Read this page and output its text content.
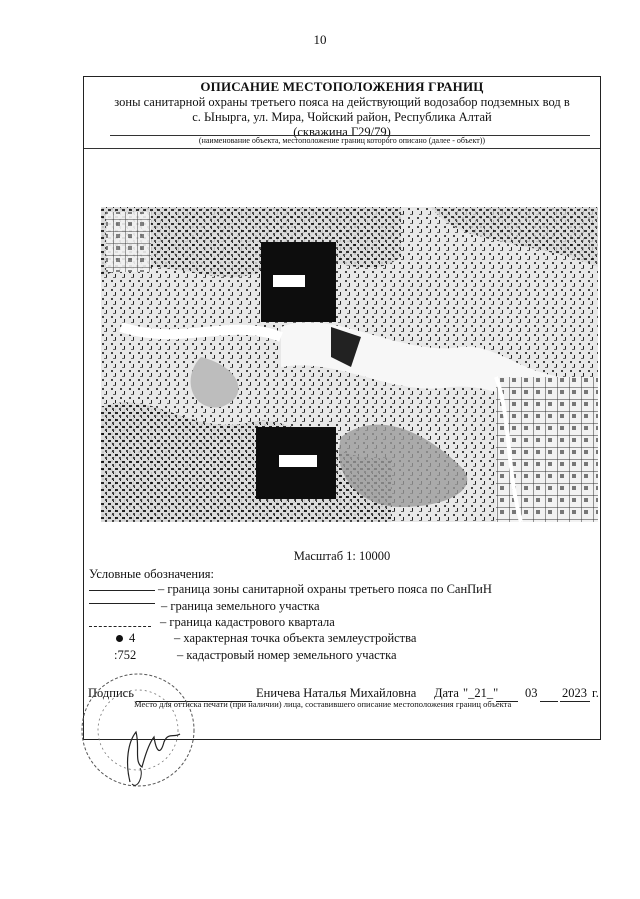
10
ОПИСАНИЕ МЕСТОПОЛОЖЕНИЯ ГРАНИЦ
зоны санитарной охраны третьего пояса на действующий водозабор подземных вод в
с. Ынырга, ул. Мира, Чойский район, Республика Алтай
(скважина Г29/79)
(наименование объекта, местоположение границ которого описано (далее - объект))
Масштаб 1: 10000
Условные обозначения:
– граница зоны санитарной охраны третьего пояса по СанПиН
– граница земельного участка
– граница кадастрового квартала
4	– характерная точка объекта землеустройства
:752	– кадастровый номер земельного участка
Подпись	Еничева Наталья Михайловна Дата "_21_" 03 2023 г.
Место для оттиска печати (при наличии) лица, составившего описание местоположения границ объекта
